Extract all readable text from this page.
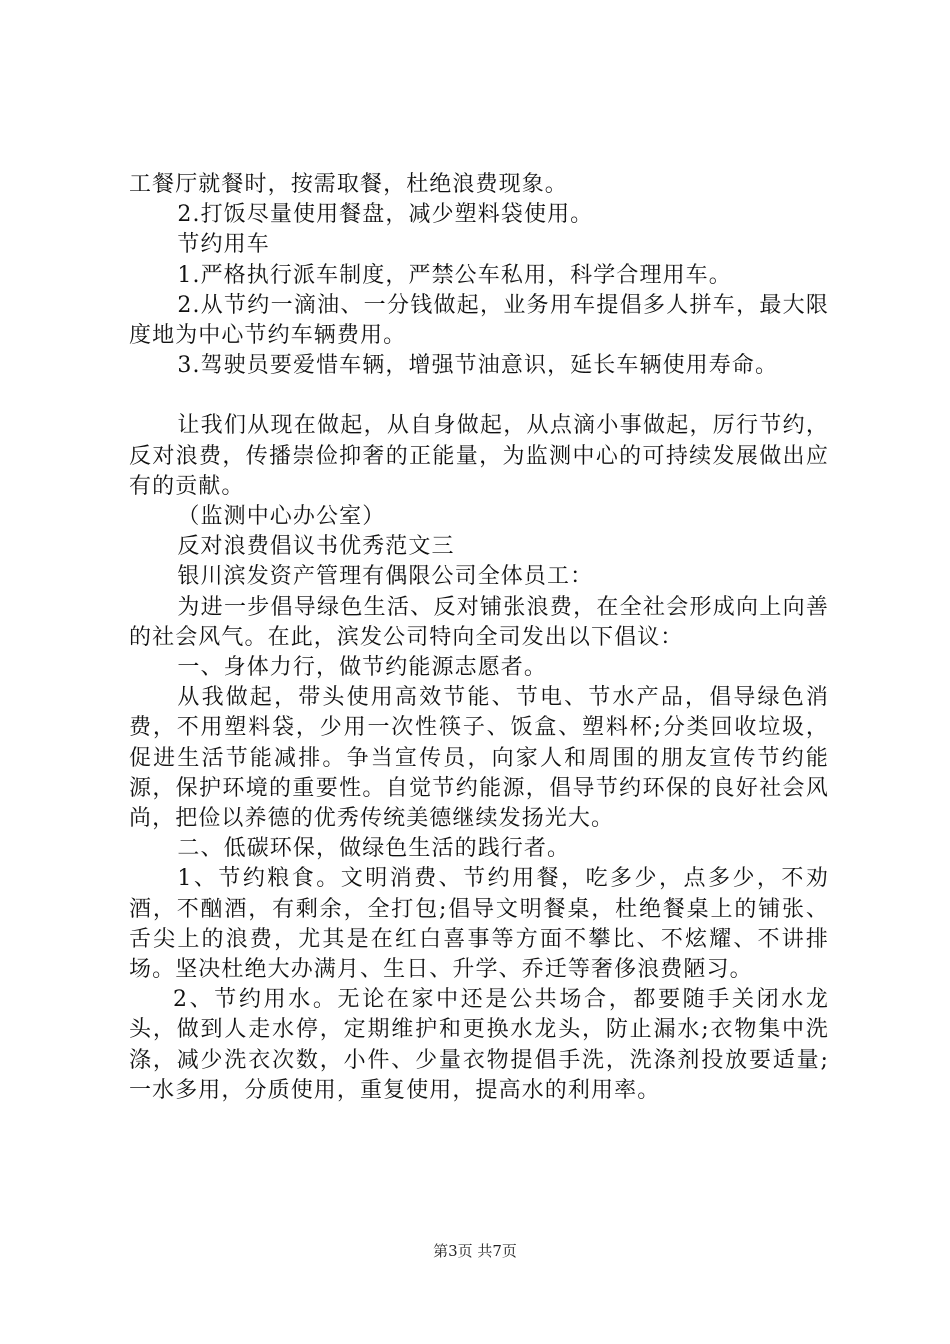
工餐厅就餐时，按需取餐，杜绝浪费现象。

2.打饭尽量使用餐盘，减少塑料袋使用。

节约用车

1.严格执行派车制度，严禁公车私用，科学合理用车。

2.从节约一滴油、一分钱做起，业务用车提倡多人拼车，最大限度地为中心节约车辆费用。

3.驾驶员要爱惜车辆，增强节油意识，延长车辆使用寿命。

让我们从现在做起，从自身做起，从点滴小事做起，厉行节约，反对浪费，传播崇俭抑奢的正能量，为监测中心的可持续发展做出应有的贡献。

（监测中心办公室）

反对浪费倡议书优秀范文三

银川滨发资产管理有偶限公司全体员工：

为进一步倡导绿色生活、反对铺张浪费，在全社会形成向上向善的社会风气。在此，滨发公司特向全司发出以下倡议：

一、身体力行，做节约能源志愿者。

从我做起，带头使用高效节能、节电、节水产品，倡导绿色消费，不用塑料袋，少用一次性筷子、饭盒、塑料杯;分类回收垃圾，促进生活节能减排。争当宣传员，向家人和周围的朋友宣传节约能源，保护环境的重要性。自觉节约能源，倡导节约环保的良好社会风尚，把俭以养德的优秀传统美德继续发扬光大。

二、低碳环保，做绿色生活的践行者。

1、节约粮食。文明消费、节约用餐，吃多少，点多少，不劝酒，不酗酒，有剩余，全打包;倡导文明餐桌，杜绝餐桌上的铺张、舌尖上的浪费，尤其是在红白喜事等方面不攀比、不炫耀、不讲排场。坚决杜绝大办满月、生日、升学、乔迁等奢侈浪费陋习。

2、节约用水。无论在家中还是公共场合，都要随手关闭水龙头，做到人走水停，定期维护和更换水龙头，防止漏水;衣物集中洗涤，减少洗衣次数，小件、少量衣物提倡手洗，洗涤剂投放要适量;一水多用，分质使用，重复使用，提高水的利用率。

第3页 共7页
